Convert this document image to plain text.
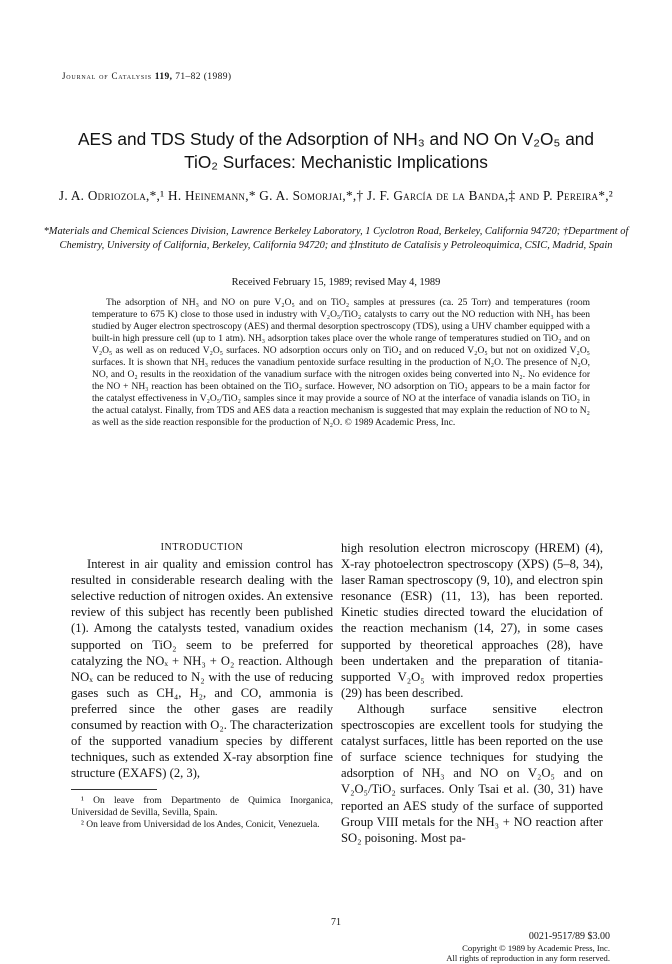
Journal of Catalysis 119, 71–82 (1989)
AES and TDS Study of the Adsorption of NH₃ and NO On V₂O₅ and
TiO₂ Surfaces: Mechanistic Implications
J. A. Odriozola,*,¹ H. Heinemann,* G. A. Somorjai,*,† J. F. García de la Banda,‡ and P. Pereira*,²
*Materials and Chemical Sciences Division, Lawrence Berkeley Laboratory, 1 Cyclotron Road, Berkeley, California 94720; †Department of Chemistry, University of California, Berkeley, California 94720; and ‡Instituto de Catalisis y Petroleoquimica, CSIC, Madrid, Spain
Received February 15, 1989; revised May 4, 1989
The adsorption of NH₃ and NO on pure V₂O₅ and on TiO₂ samples at pressures (ca. 25 Torr) and temperatures (room temperature to 675 K) close to those used in industry with V₂O₅/TiO₂ catalysts to carry out the NO reduction with NH₃ has been studied by Auger electron spectroscopy (AES) and thermal desorption spectroscopy (TDS), using a UHV chamber equipped with a built-in high pressure cell (up to 1 atm). NH₃ adsorption takes place over the whole range of temperatures studied on TiO₂ and on V₂O₅ as well as on reduced V₂O₅ surfaces. NO adsorption occurs only on TiO₂ and on reduced V₂O₅ but not on oxidized V₂O₅ surfaces. It is shown that NH₃ reduces the vanadium pentoxide surface resulting in the production of N₂O. The presence of N₂O, NO, and O₂ results in the reoxidation of the vanadium surface with the nitrogen oxides being converted into N₂. No evidence for the NO + NH₃ reaction has been obtained on the TiO₂ surface. However, NO adsorption on TiO₂ appears to be a main factor for the catalyst effectiveness in V₂O₅/TiO₂ samples since it may provide a source of NO at the interface of vanadia islands on TiO₂ in the actual catalyst. Finally, from TDS and AES data a reaction mechanism is suggested that may explain the reduction of NO to N₂ as well as the side reaction responsible for the production of N₂O. © 1989 Academic Press, Inc.

INTRODUCTION

Interest in air quality and emission control has resulted in considerable research dealing with the selective reduction of nitrogen oxides. An extensive review of this subject has recently been published (1). Among the catalysts tested, vanadium oxides supported on TiO₂ seem to be preferred for catalyzing the NOₓ + NH₃ + O₂ reaction. Although NOₓ can be reduced to N₂ with the use of reducing gases such as CH₄, H₂, and CO, ammonia is preferred since the other gases are readily consumed by reaction with O₂. The characterization of the supported vanadium species by different techniques, such as extended X-ray absorption fine structure (EXAFS) (2, 3),

¹ On leave from Departmento de Quimica Inorganica, Universidad de Sevilla, Sevilla, Spain.

² On leave from Universidad de los Andes, Conicit, Venezuela.

high resolution electron microscopy (HREM) (4), X-ray photoelectron spectroscopy (XPS) (5–8, 34), laser Raman spectroscopy (9, 10), and electron spin resonance (ESR) (11, 13), has been reported. Kinetic studies directed toward the elucidation of the reaction mechanism (14, 27), in some cases supported by theoretical approaches (28), have been undertaken and the preparation of titania-supported V₂O₅ with improved redox properties (29) has been described.

Although surface sensitive electron spectroscopies are excellent tools for studying the catalyst surfaces, little has been reported on the use of surface science techniques for studying the adsorption of NH₃ and NO on V₂O₅ and on V₂O₅/TiO₂ surfaces. Only Tsai et al. (30, 31) have reported an AES study of the surface of supported Group VIII metals for the NH₃ + NO reaction after SO₂ poisoning. Most pa-

71
0021-9517/89 $3.00
Copyright © 1989 by Academic Press, Inc.
All rights of reproduction in any form reserved.
